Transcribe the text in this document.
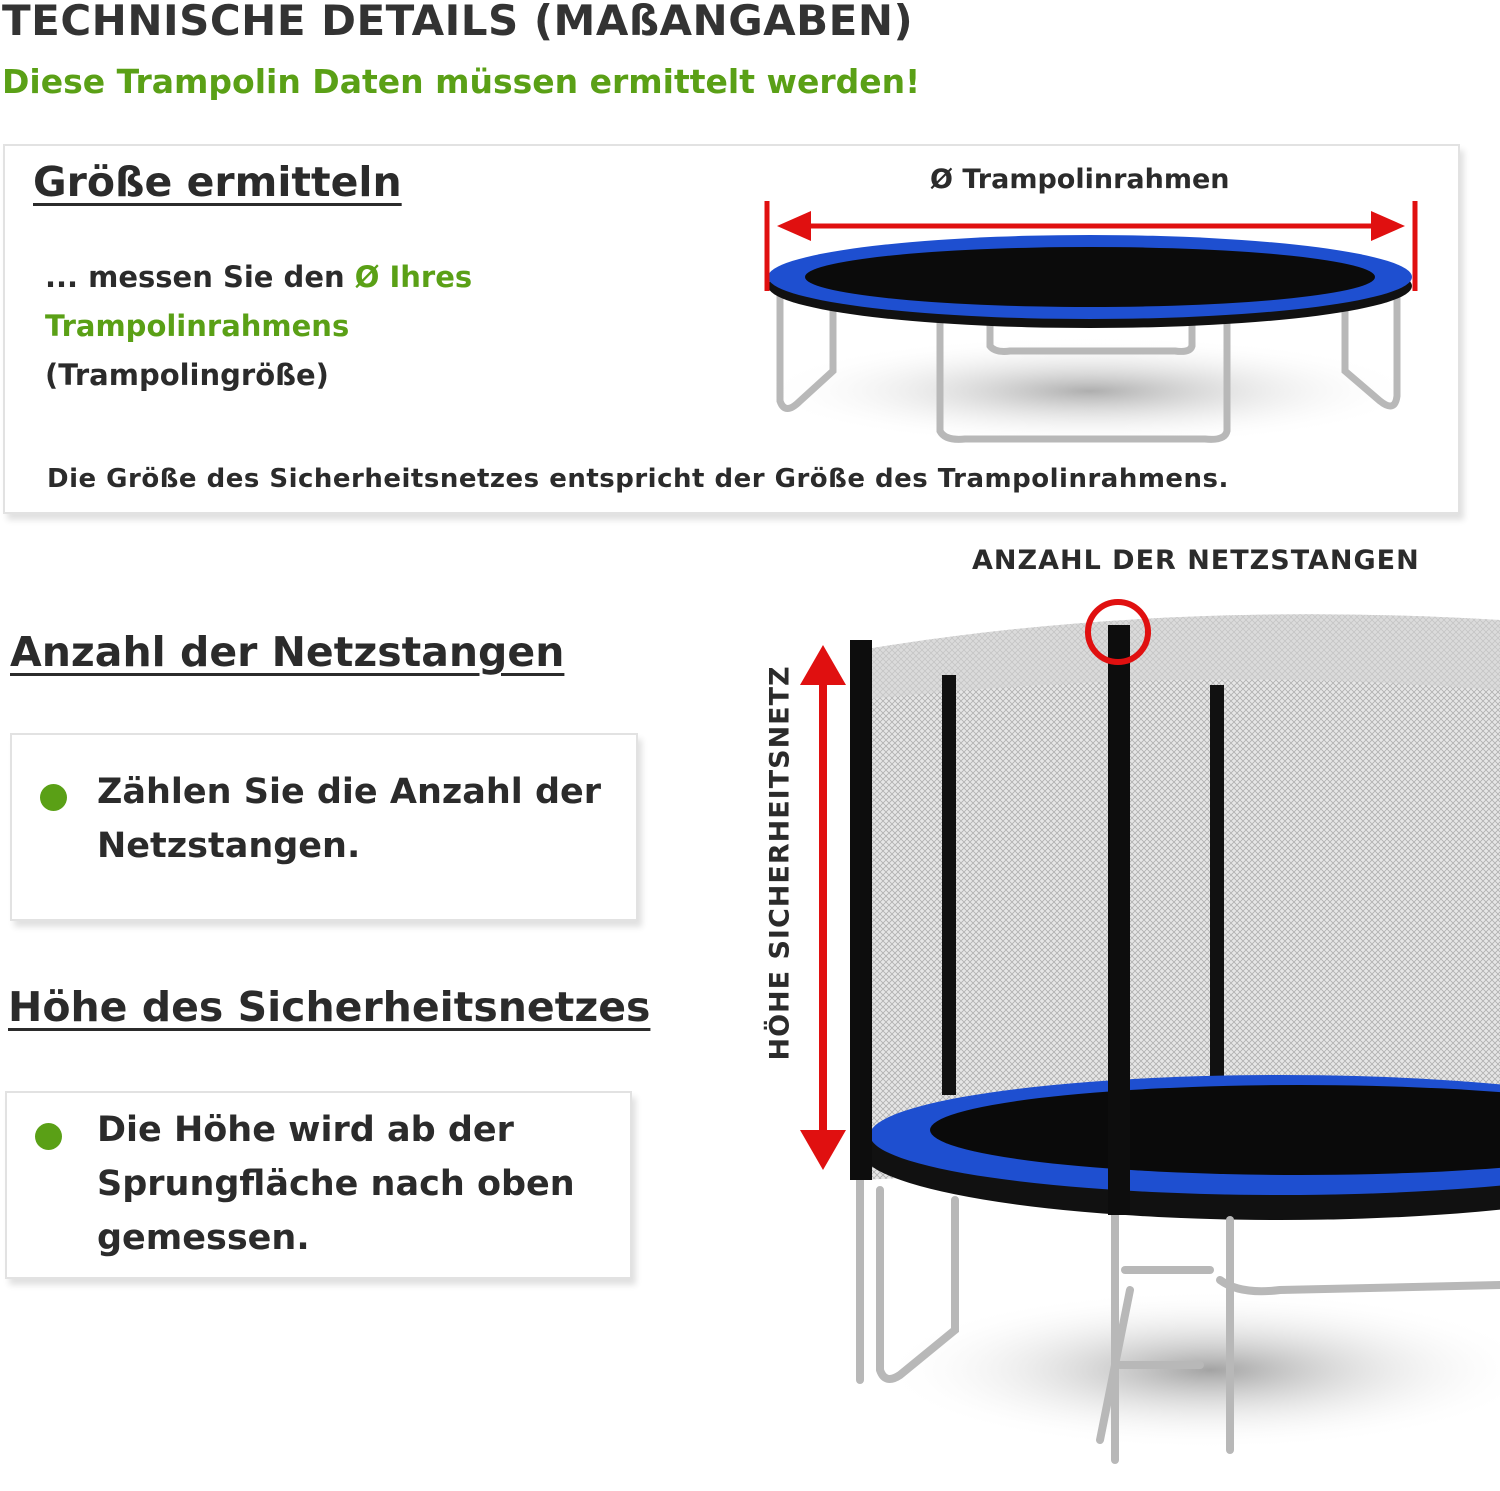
TECHNISCHE DETAILS (MAßANGABEN)
Diese Trampolin Daten müssen ermittelt werden!
Größe ermitteln
... messen Sie den Ø Ihres Trampolinrahmens
(Trampolingröße)
Die Größe des Sicherheitsnetzes entspricht der Größe des Trampolinrahmens.
Ø Trampolinrahmen
ANZAHL DER NETZSTANGEN
HÖHE SICHERHEITSNETZ
Anzahl der Netzstangen
Zählen Sie die Anzahl der Netzstangen.
Höhe des Sicherheitsnetzes
Die Höhe wird ab der Sprungfläche nach oben gemessen.
